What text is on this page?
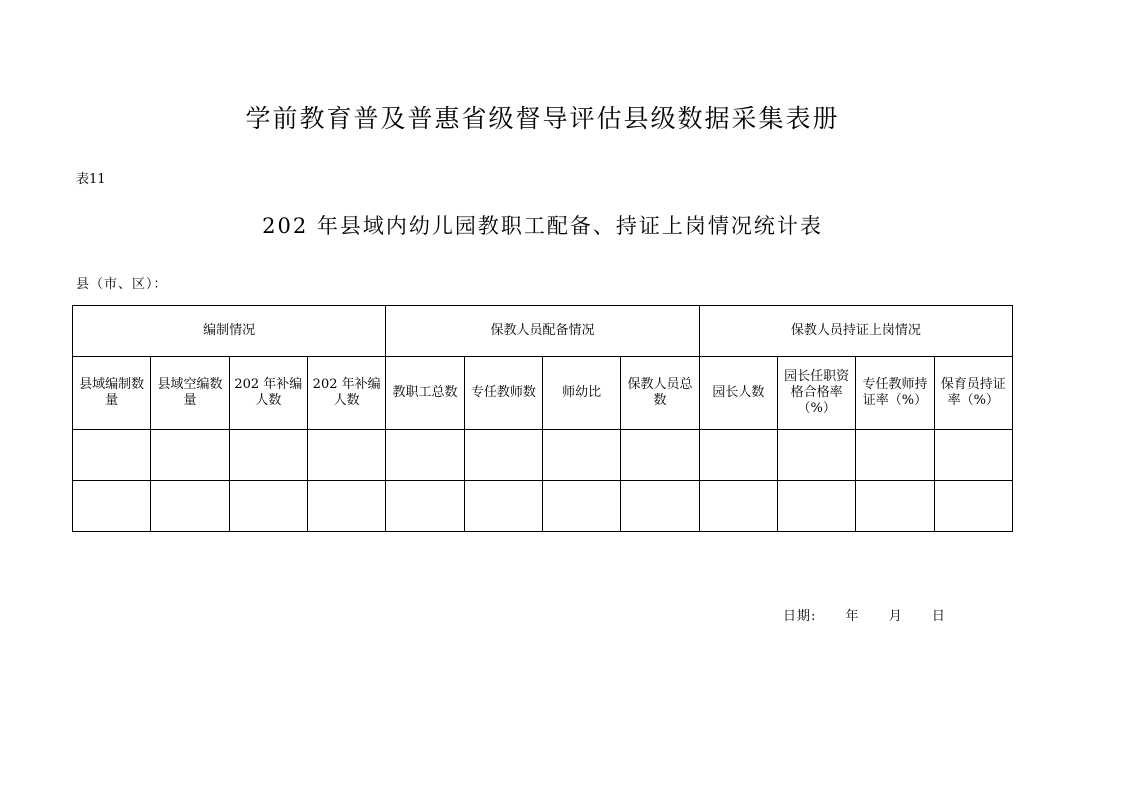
学前教育普及普惠省级督导评估县级数据采集表册
表11
202 年县域内幼儿园教职工配备、持证上岗情况统计表
县（市、区）：
编制情况				保教人员配备情况				保教人员持证上岗情况			
县域编制数量	县域空编数量	202 年补编人数	202 年补编人数	教职工总数	专任教师数	师幼比	保教人员总数	园长人数	园长任职资格合格率（%）	专任教师持证率（%）	保育员持证率（%）

日期: 年 月 日
